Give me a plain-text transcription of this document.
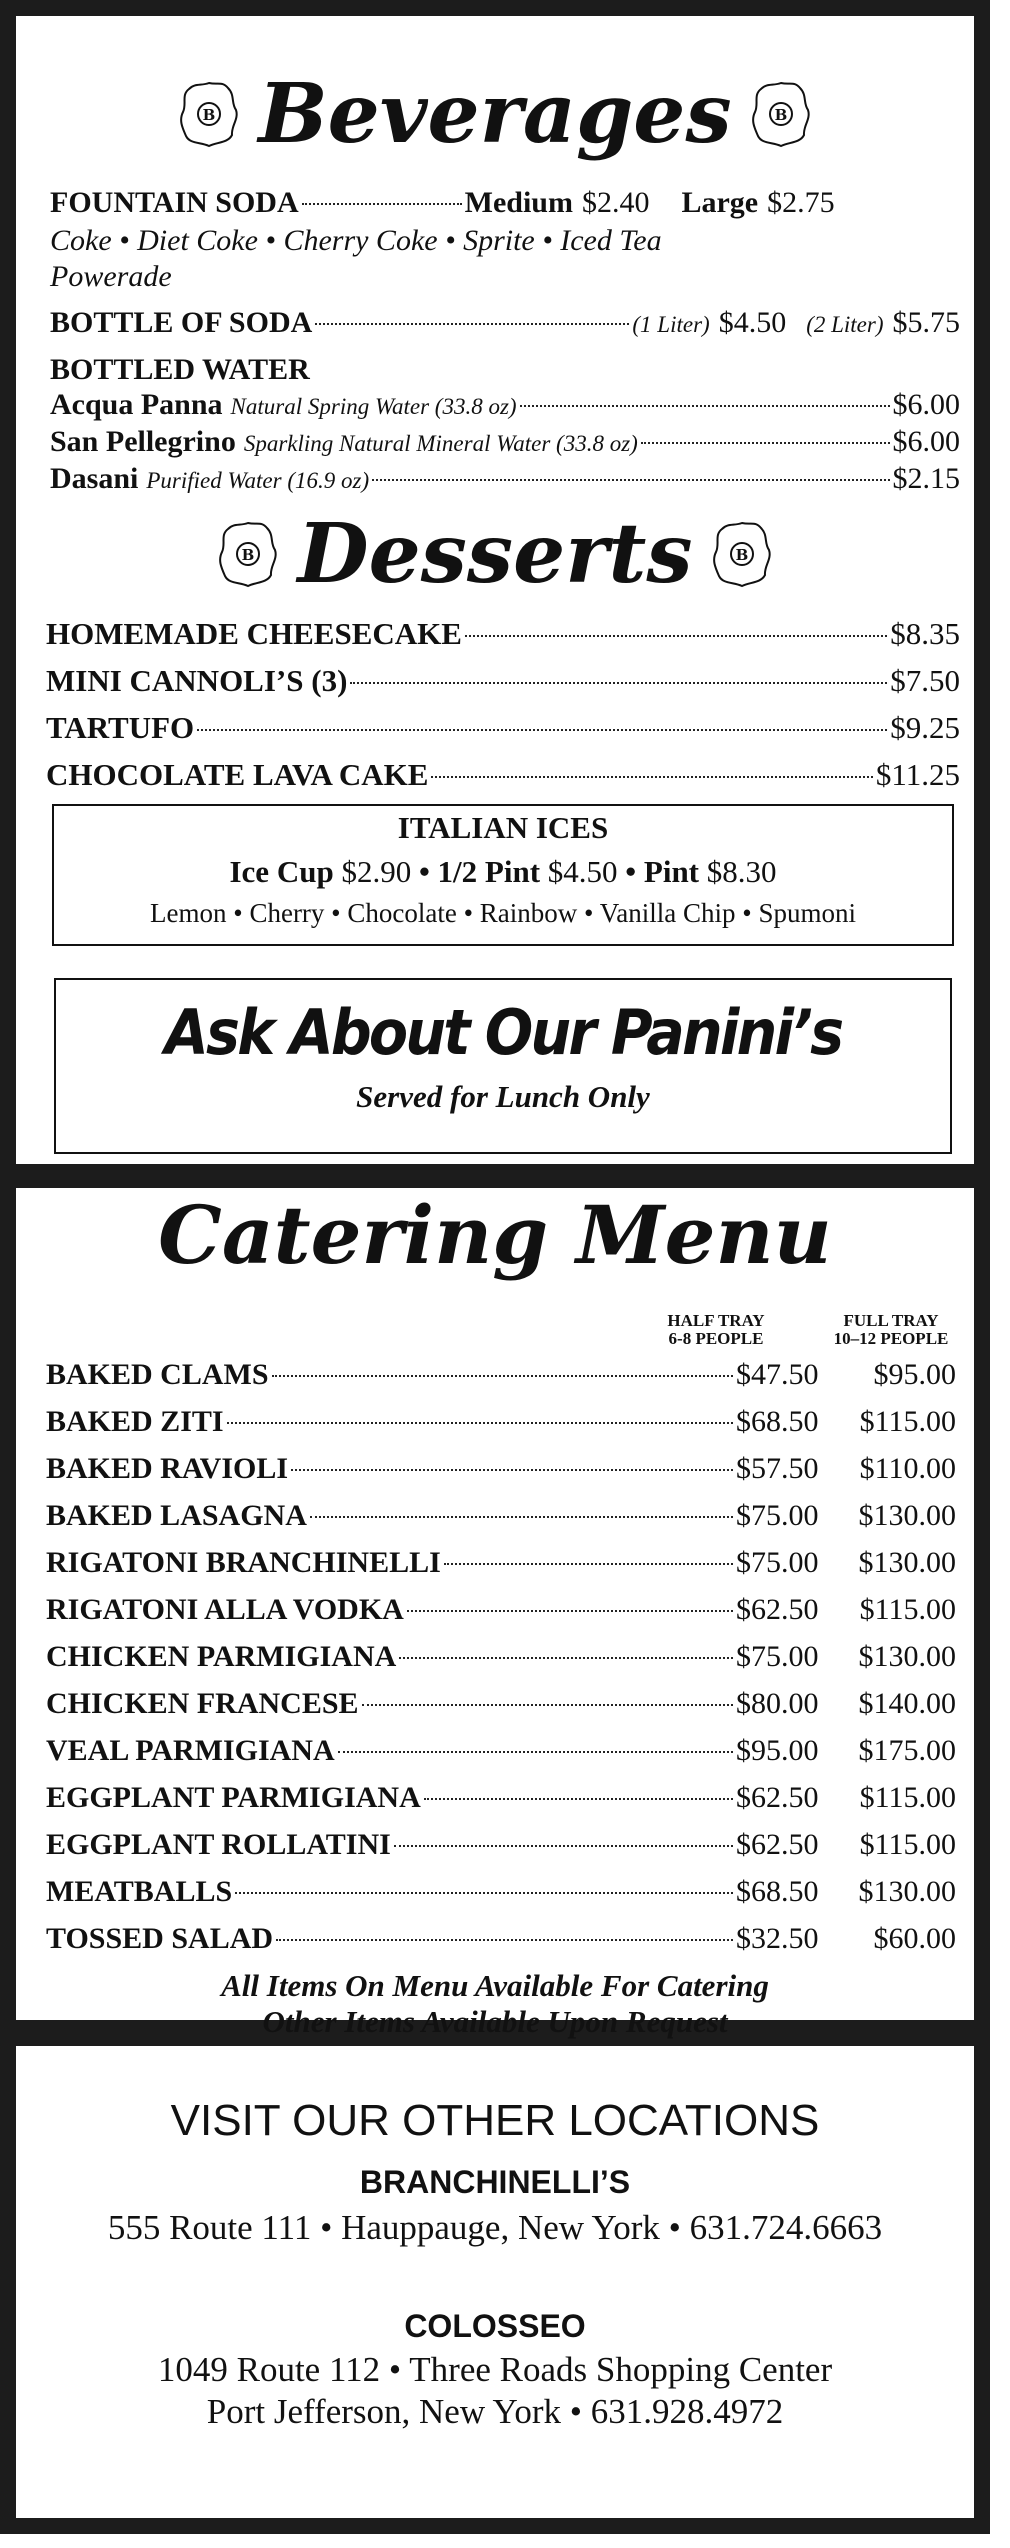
B Beverages	B
FOUNTAIN SODA	Medium $2.40 Large $2.75
Coke • Diet Coke • Cherry Coke • Sprite • Iced Tea
Powerade
BOTTLE OF SODA	(1 Liter) $4.50 (2 Liter) $5.75
BOTTLED WATER
Acqua Panna Natural Spring Water (33.8 oz)	$6.00
San Pellegrino Sparkling Natural Mineral Water (33.8 oz)	$6.00
Dasani Purified Water (16.9 oz)	$2.15
B Desserts	B
HOMEMADE CHEESECAKE	$8.35
MINI CANNOLI’S (3)	$7.50
TARTUFO	$9.25
CHOCOLATE LAVA CAKE	$11.25
ITALIAN ICES
Ice Cup $2.90 • 1/2 Pint $4.50 • Pint $8.30
Lemon • Cherry • Chocolate • Rainbow • Vanilla Chip • Spumoni
Ask About Our Panini’s
Served for Lunch Only
Catering Menu
HALF TRAY
6-8 PEOPLE
FULL TRAY
10–12 PEOPLE
BAKED CLAMS	$47.50	$95.00
BAKED ZITI	$68.50	$115.00
BAKED RAVIOLI	$57.50	$110.00
BAKED LASAGNA	$75.00	$130.00
RIGATONI BRANCHINELLI	$75.00	$130.00
RIGATONI ALLA VODKA	$62.50	$115.00
CHICKEN PARMIGIANA	$75.00	$130.00
CHICKEN FRANCESE	$80.00	$140.00
VEAL PARMIGIANA	$95.00	$175.00
EGGPLANT PARMIGIANA	$62.50	$115.00
EGGPLANT ROLLATINI	$62.50	$115.00
MEATBALLS	$68.50	$130.00
TOSSED SALAD	$32.50	$60.00
All Items On Menu Available For Catering
Other Items Available Upon Request
VISIT OUR OTHER LOCATIONS
BRANCHINELLI’S
555 Route 111 • Hauppauge, New York • 631.724.6663
COLOSSEO
1049 Route 112 • Three Roads Shopping Center
Port Jefferson, New York • 631.928.4972
